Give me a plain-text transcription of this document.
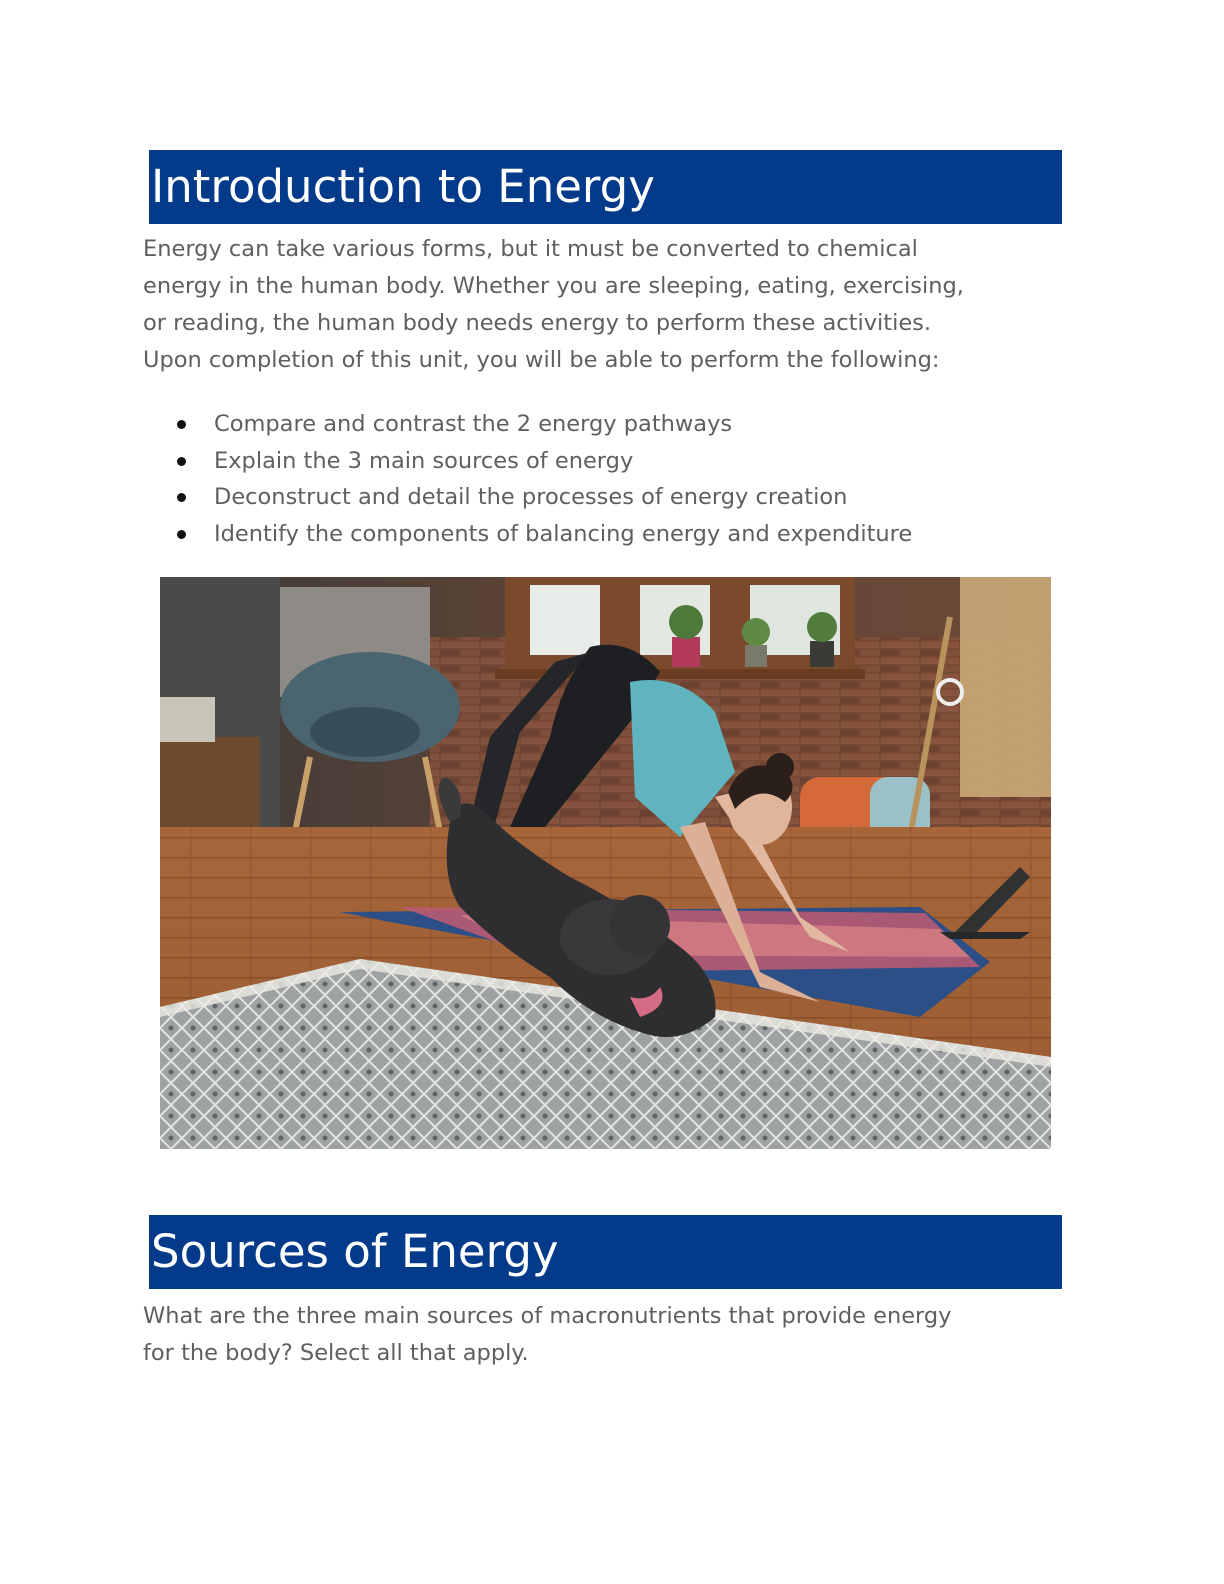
Introduction to Energy

Energy can take various forms, but it must be converted to chemical
energy in the human body. Whether you are sleeping, eating, exercising,
or reading, the human body needs energy to perform these activities.
Upon completion of this unit, you will be able to perform the following:

Compare and contrast the 2 energy pathways
Explain the 3 main sources of energy
Deconstruct and detail the processes of energy creation
Identify the components of balancing energy and expenditure
Sources of Energy

What are the three main sources of macronutrients that provide energy
for the body? Select all that apply.
